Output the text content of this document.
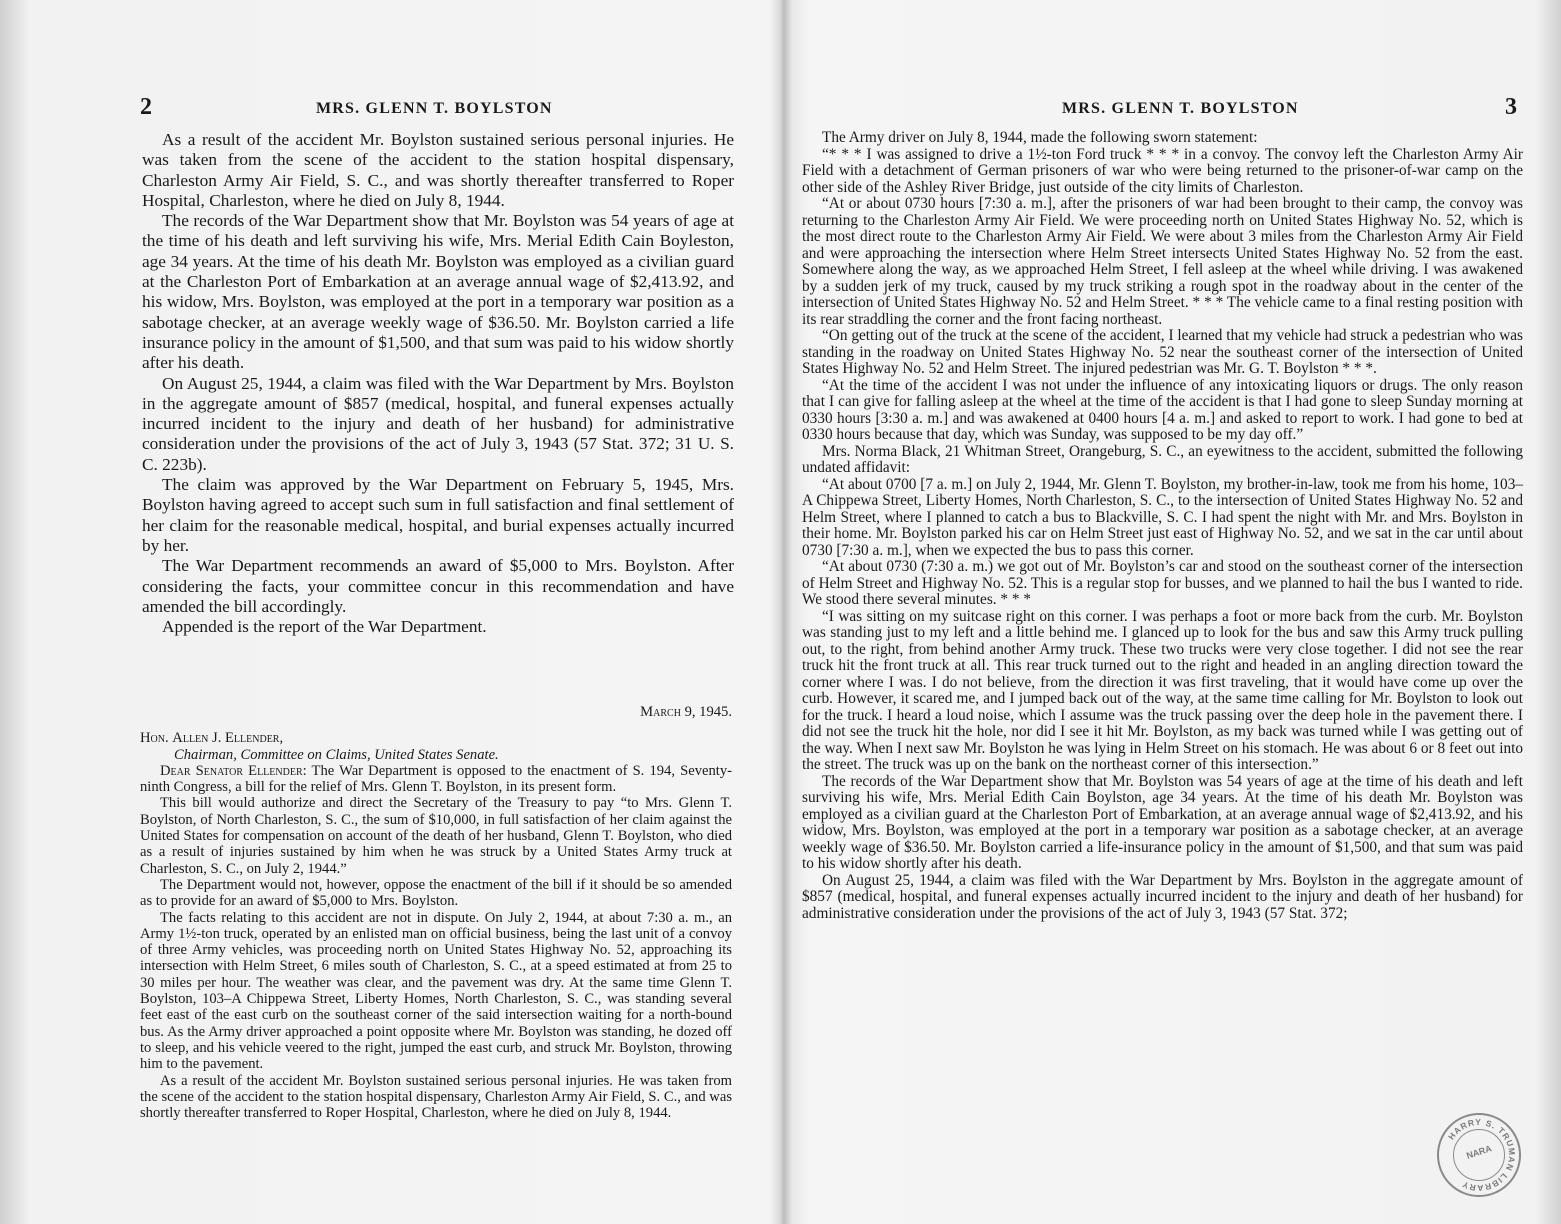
2	MRS. GLENN T. BOYLSTON

As a result of the accident Mr. Boylston sustained serious personal injuries. He was taken from the scene of the accident to the station hospital dispensary, Charleston Army Air Field, S. C., and was shortly thereafter transferred to Roper Hospital, Charleston, where he died on July 8, 1944.

The records of the War Department show that Mr. Boylston was 54 years of age at the time of his death and left surviving his wife, Mrs. Merial Edith Cain Boyleston, age 34 years. At the time of his death Mr. Boylston was employed as a civilian guard at the Charleston Port of Embarkation at an average annual wage of $2,413.92, and his widow, Mrs. Boylston, was employed at the port in a temporary war position as a sabotage checker, at an average weekly wage of $36.50. Mr. Boylston carried a life insurance policy in the amount of $1,500, and that sum was paid to his widow shortly after his death.

On August 25, 1944, a claim was filed with the War Department by Mrs. Boylston in the aggregate amount of $857 (medical, hospital, and funeral expenses actually incurred incident to the injury and death of her husband) for administrative consideration under the provisions of the act of July 3, 1943 (57 Stat. 372; 31 U. S. C. 223b).

The claim was approved by the War Department on February 5, 1945, Mrs. Boylston having agreed to accept such sum in full satisfaction and final settlement of her claim for the reasonable medical, hospital, and burial expenses actually incurred by her.

The War Department recommends an award of $5,000 to Mrs. Boylston. After considering the facts, your committee concur in this recommendation and have amended the bill accordingly.

Appended is the report of the War Department.

March 9, 1945.

Hon. Allen J. Ellender,

Chairman, Committee on Claims, United States Senate.

Dear Senator Ellender: The War Department is opposed to the enactment of S. 194, Seventy-ninth Congress, a bill for the relief of Mrs. Glenn T. Boylston, in its present form.

This bill would authorize and direct the Secretary of the Treasury to pay “to Mrs. Glenn T. Boylston, of North Charleston, S. C., the sum of $10,000, in full satisfaction of her claim against the United States for compensation on account of the death of her husband, Glenn T. Boylston, who died as a result of injuries sustained by him when he was struck by a United States Army truck at Charleston, S. C., on July 2, 1944.”

The Department would not, however, oppose the enactment of the bill if it should be so amended as to provide for an award of $5,000 to Mrs. Boylston.

The facts relating to this accident are not in dispute. On July 2, 1944, at about 7:30 a. m., an Army 1½-ton truck, operated by an enlisted man on official business, being the last unit of a convoy of three Army vehicles, was proceeding north on United States Highway No. 52, approaching its intersection with Helm Street, 6 miles south of Charleston, S. C., at a speed estimated at from 25 to 30 miles per hour. The weather was clear, and the pavement was dry. At the same time Glenn T. Boylston, 103–A Chippewa Street, Liberty Homes, North Charleston, S. C., was standing several feet east of the east curb on the southeast corner of the said intersection waiting for a north-bound bus. As the Army driver approached a point opposite where Mr. Boylston was standing, he dozed off to sleep, and his vehicle veered to the right, jumped the east curb, and struck Mr. Boylston, throwing him to the pavement.

As a result of the accident Mr. Boylston sustained serious personal injuries. He was taken from the scene of the accident to the station hospital dispensary, Charleston Army Air Field, S. C., and was shortly thereafter transferred to Roper Hospital, Charleston, where he died on July 8, 1944.

MRS. GLENN T. BOYLSTON	3

The Army driver on July 8, 1944, made the following sworn statement:

“* * * I was assigned to drive a 1½-ton Ford truck * * * in a convoy. The convoy left the Charleston Army Air Field with a detachment of German prisoners of war who were being returned to the prisoner-of-war camp on the other side of the Ashley River Bridge, just outside of the city limits of Charleston.

“At or about 0730 hours [7:30 a. m.], after the prisoners of war had been brought to their camp, the convoy was returning to the Charleston Army Air Field. We were proceeding north on United States Highway No. 52, which is the most direct route to the Charleston Army Air Field. We were about 3 miles from the Charleston Army Air Field and were approaching the intersection where Helm Street intersects United States Highway No. 52 from the east. Somewhere along the way, as we approached Helm Street, I fell asleep at the wheel while driving. I was awakened by a sudden jerk of my truck, caused by my truck striking a rough spot in the roadway about in the center of the intersection of United States Highway No. 52 and Helm Street. * * * The vehicle came to a final resting position with its rear straddling the corner and the front facing northeast.

“On getting out of the truck at the scene of the accident, I learned that my vehicle had struck a pedestrian who was standing in the roadway on United States Highway No. 52 near the southeast corner of the intersection of United States Highway No. 52 and Helm Street. The injured pedestrian was Mr. G. T. Boylston * * *.

“At the time of the accident I was not under the influence of any intoxicating liquors or drugs. The only reason that I can give for falling asleep at the wheel at the time of the accident is that I had gone to sleep Sunday morning at 0330 hours [3:30 a. m.] and was awakened at 0400 hours [4 a. m.] and asked to report to work. I had gone to bed at 0330 hours because that day, which was Sunday, was supposed to be my day off.”

Mrs. Norma Black, 21 Whitman Street, Orangeburg, S. C., an eyewitness to the accident, submitted the following undated affidavit:

“At about 0700 [7 a. m.] on July 2, 1944, Mr. Glenn T. Boylston, my brother-in-law, took me from his home, 103–A Chippewa Street, Liberty Homes, North Charleston, S. C., to the intersection of United States Highway No. 52 and Helm Street, where I planned to catch a bus to Blackville, S. C. I had spent the night with Mr. and Mrs. Boylston in their home. Mr. Boylston parked his car on Helm Street just east of Highway No. 52, and we sat in the car until about 0730 [7:30 a. m.], when we expected the bus to pass this corner.

“At about 0730 (7:30 a. m.) we got out of Mr. Boylston’s car and stood on the southeast corner of the intersection of Helm Street and Highway No. 52. This is a regular stop for busses, and we planned to hail the bus I wanted to ride. We stood there several minutes. * * *

“I was sitting on my suitcase right on this corner. I was perhaps a foot or more back from the curb. Mr. Boylston was standing just to my left and a little behind me. I glanced up to look for the bus and saw this Army truck pulling out, to the right, from behind another Army truck. These two trucks were very close together. I did not see the rear truck hit the front truck at all. This rear truck turned out to the right and headed in an angling direction toward the corner where I was. I do not believe, from the direction it was first traveling, that it would have come up over the curb. However, it scared me, and I jumped back out of the way, at the same time calling for Mr. Boylston to look out for the truck. I heard a loud noise, which I assume was the truck passing over the deep hole in the pavement there. I did not see the truck hit the hole, nor did I see it hit Mr. Boylston, as my back was turned while I was getting out of the way. When I next saw Mr. Boylston he was lying in Helm Street on his stomach. He was about 6 or 8 feet out into the street. The truck was up on the bank on the northeast corner of this intersection.”

The records of the War Department show that Mr. Boylston was 54 years of age at the time of his death and left surviving his wife, Mrs. Merial Edith Cain Boylston, age 34 years. At the time of his death Mr. Boylston was employed as a civilian guard at the Charleston Port of Embarkation, at an average annual wage of $2,413.92, and his widow, Mrs. Boylston, was employed at the port in a temporary war position as a sabotage checker, at an average weekly wage of $36.50. Mr. Boylston carried a life-insurance policy in the amount of $1,500, and that sum was paid to his widow shortly after his death.

On August 25, 1944, a claim was filed with the War Department by Mrs. Boylston in the aggregate amount of $857 (medical, hospital, and funeral expenses actually incurred incident to the injury and death of her husband) for administrative consideration under the provisions of the act of July 3, 1943 (57 Stat. 372;

HARRY S. TRUMAN LIBRARY
NARA
